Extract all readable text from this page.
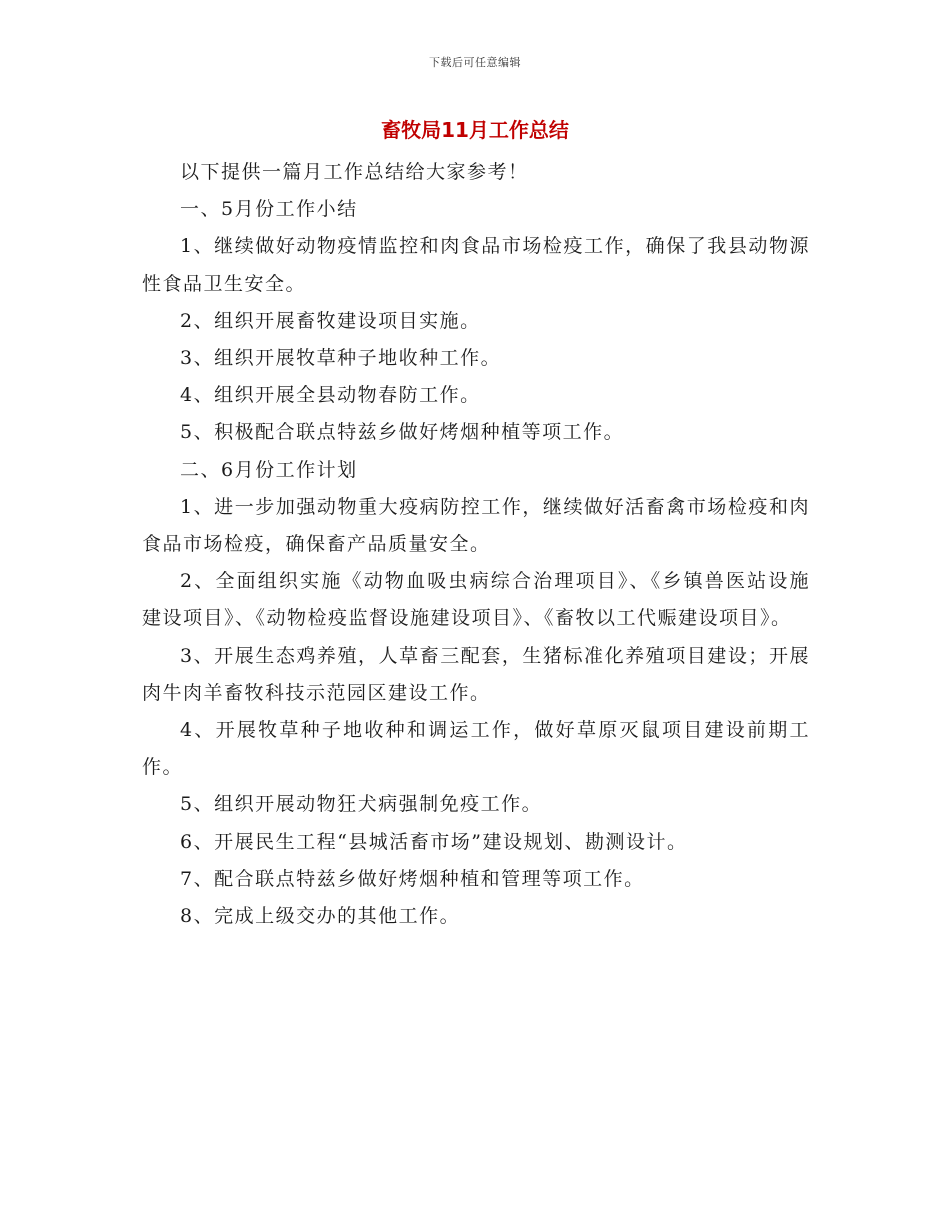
下载后可任意编辑
畜牧局11月工作总结

以下提供一篇月工作总结给大家参考！

一、5月份工作小结

1、继续做好动物疫情监控和肉食品市场检疫工作，确保了我县动物源性食品卫生安全。

2、组织开展畜牧建设项目实施。

3、组织开展牧草种子地收种工作。

4、组织开展全县动物春防工作。

5、积极配合联点特兹乡做好烤烟种植等项工作。

二、6月份工作计划

1、进一步加强动物重大疫病防控工作，继续做好活畜禽市场检疫和肉食品市场检疫，确保畜产品质量安全。

2、全面组织实施《动物血吸虫病综合治理项目》、《乡镇兽医站设施建设项目》、《动物检疫监督设施建设项目》、《畜牧以工代赈建设项目》。

3、开展生态鸡养殖，人草畜三配套，生猪标准化养殖项目建设；开展肉牛肉羊畜牧科技示范园区建设工作。

4、开展牧草种子地收种和调运工作，做好草原灭鼠项目建设前期工作。

5、组织开展动物狂犬病强制免疫工作。

6、开展民生工程“县城活畜市场”建设规划、勘测设计。

7、配合联点特兹乡做好烤烟种植和管理等项工作。

8、完成上级交办的其他工作。
